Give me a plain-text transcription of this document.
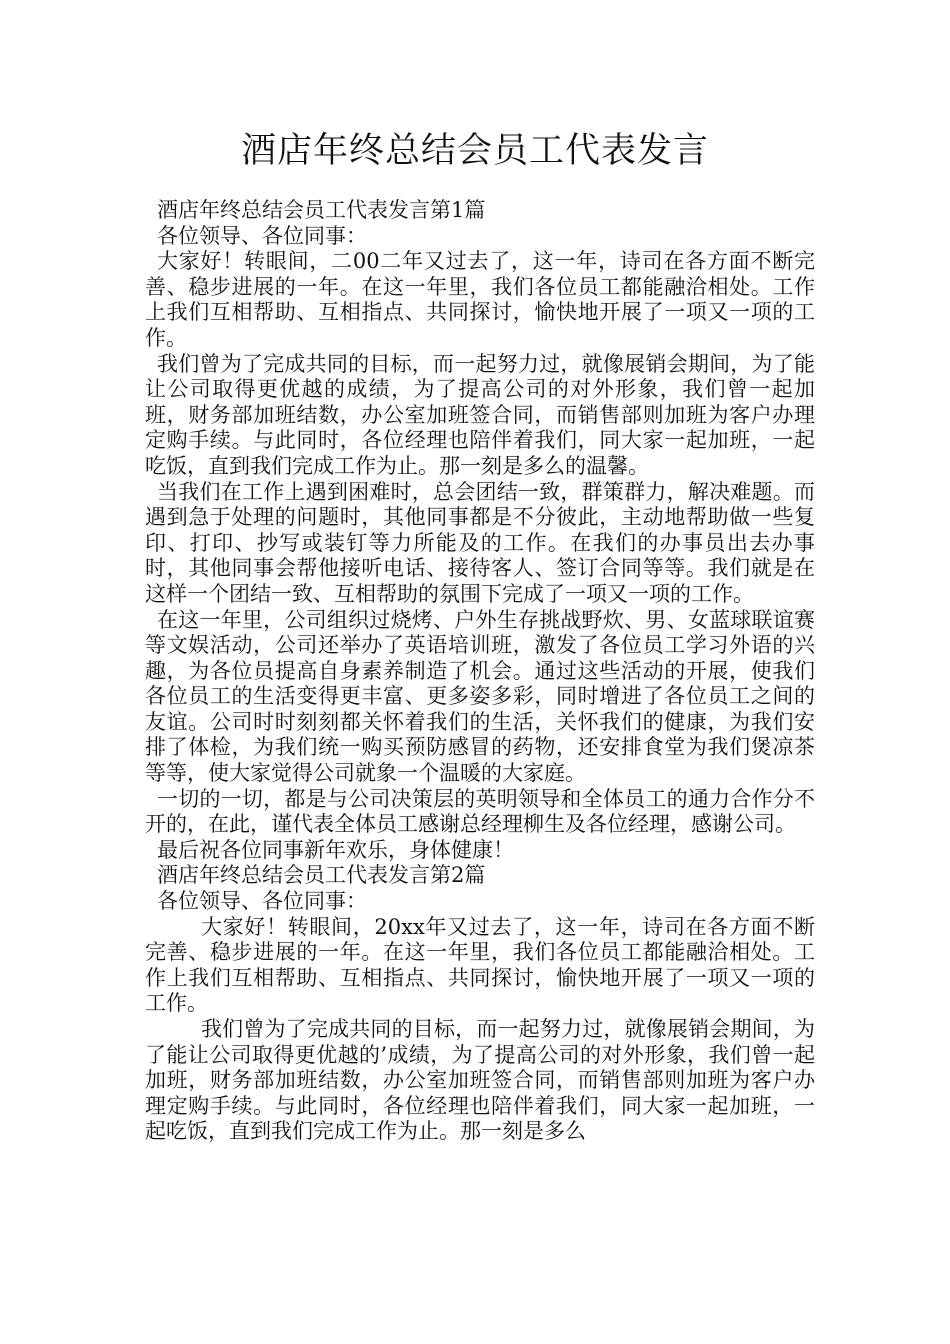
酒店年终总结会员工代表发言

酒店年终总结会员工代表发言第1篇

各位领导、各位同事：

大家好！转眼间，二00二年又过去了，这一年，诗司在各方面不断完善、稳步进展的一年。在这一年里，我们各位员工都能融洽相处。工作上我们互相帮助、互相指点、共同探讨，愉快地开展了一项又一项的工作。

我们曾为了完成共同的目标，而一起努力过，就像展销会期间，为了能让公司取得更优越的成绩，为了提高公司的对外形象，我们曾一起加班，财务部加班结数，办公室加班签合同，而销售部则加班为客户办理定购手续。与此同时，各位经理也陪伴着我们，同大家一起加班，一起吃饭，直到我们完成工作为止。那一刻是多么的温馨。

当我们在工作上遇到困难时，总会团结一致，群策群力，解决难题。而遇到急于处理的问题时，其他同事都是不分彼此，主动地帮助做一些复印、打印、抄写或装钉等力所能及的工作。在我们的办事员出去办事时，其他同事会帮他接听电话、接待客人、签订合同等等。我们就是在这样一个团结一致、互相帮助的氛围下完成了一项又一项的工作。

在这一年里，公司组织过烧烤、户外生存挑战野炊、男、女蓝球联谊赛等文娱活动，公司还举办了英语培训班，激发了各位员工学习外语的兴趣，为各位员提高自身素养制造了机会。通过这些活动的开展，使我们各位员工的生活变得更丰富、更多姿多彩，同时增进了各位员工之间的友谊。公司时时刻刻都关怀着我们的生活，关怀我们的健康，为我们安排了体检，为我们统一购买预防感冒的药物，还安排食堂为我们煲凉茶等等，使大家觉得公司就象一个温暖的大家庭。

一切的一切，都是与公司决策层的英明领导和全体员工的通力合作分不开的，在此，谨代表全体员工感谢总经理柳生及各位经理，感谢公司。

最后祝各位同事新年欢乐，身体健康！

酒店年终总结会员工代表发言第2篇

各位领导、各位同事：

大家好！转眼间，20xx年又过去了，这一年，诗司在各方面不断完善、稳步进展的一年。在这一年里，我们各位员工都能融洽相处。工作上我们互相帮助、互相指点、共同探讨，愉快地开展了一项又一项的工作。

我们曾为了完成共同的目标，而一起努力过，就像展销会期间，为了能让公司取得更优越的’成绩，为了提高公司的对外形象，我们曾一起加班，财务部加班结数，办公室加班签合同，而销售部则加班为客户办理定购手续。与此同时，各位经理也陪伴着我们，同大家一起加班，一起吃饭，直到我们完成工作为止。那一刻是多么
